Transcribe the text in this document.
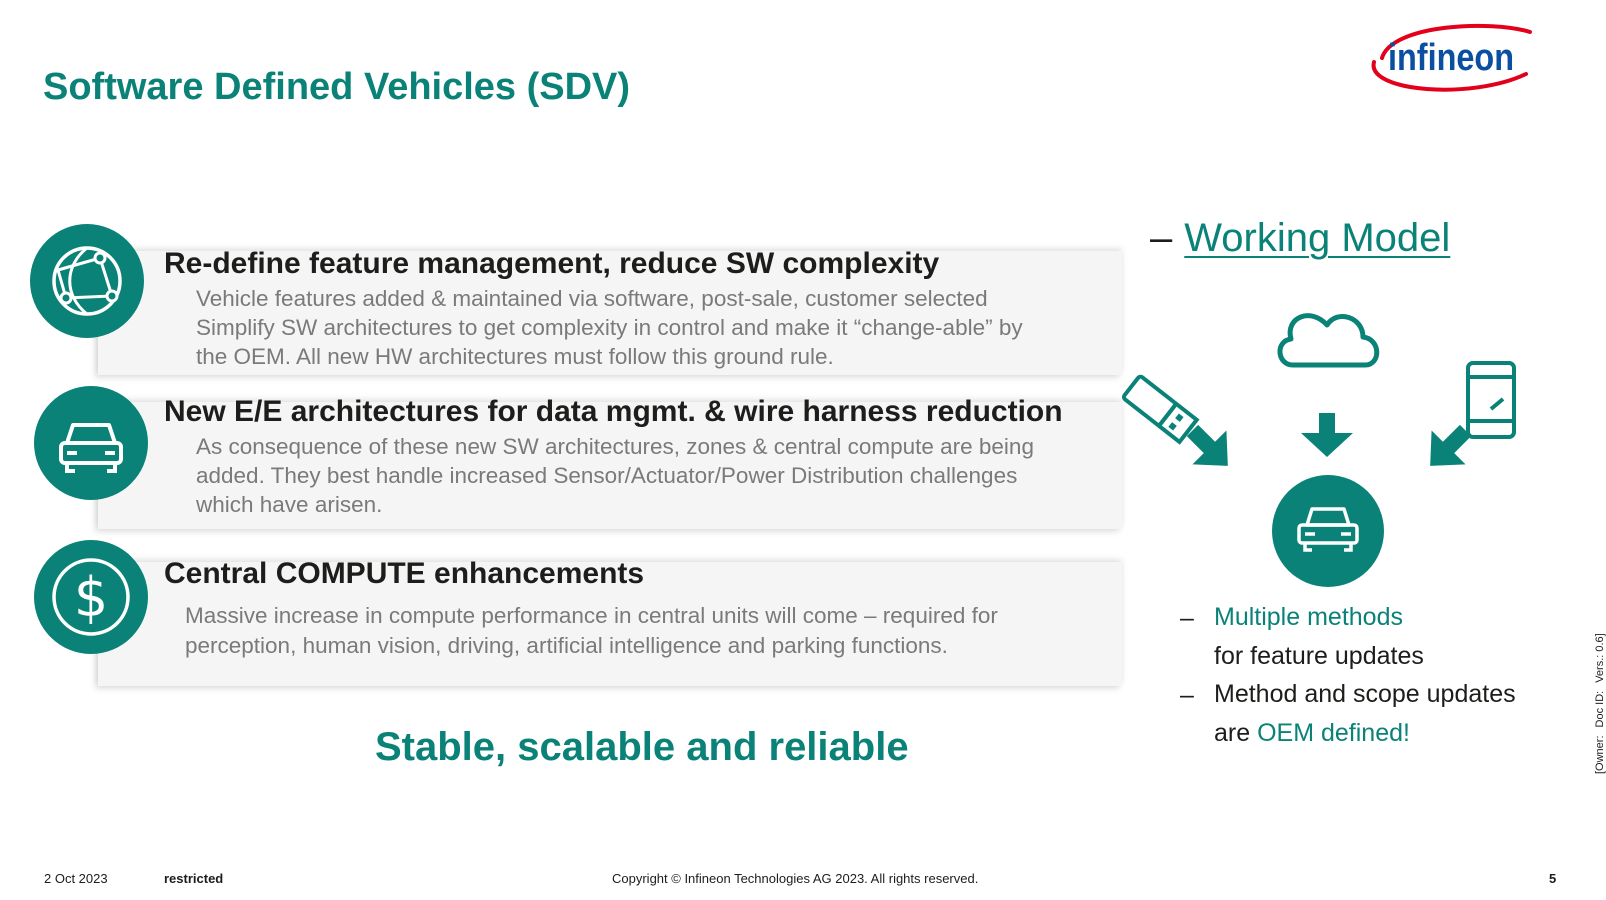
Software Defined Vehicles (SDV)
infineon
Re-define feature management, reduce SW complexity
Vehicle features added & maintained via software, post-sale, customer selected
Simplify SW architectures to get complexity in control and make it “change-able” by
the OEM. All new HW architectures must follow this ground rule.
New E/E architectures for data mgmt. & wire harness reduction
As consequence of these new SW architectures, zones & central compute are being
added. They best handle increased Sensor/Actuator/Power Distribution challenges
which have arisen.
$ Central COMPUTE enhancements
Massive increase in compute performance in central units will come – required for
perception, human vision, driving, artificial intelligence and parking functions.
Stable, scalable and reliable
– Working Model
– Multiple methods
for feature updates
– Method and scope updates
are OEM defined!
2 Oct 2023	restricted	Copyright © Infineon Technologies AG 2023. All rights reserved.	5
[Owner:Doc ID:Vers.: 0.6]
